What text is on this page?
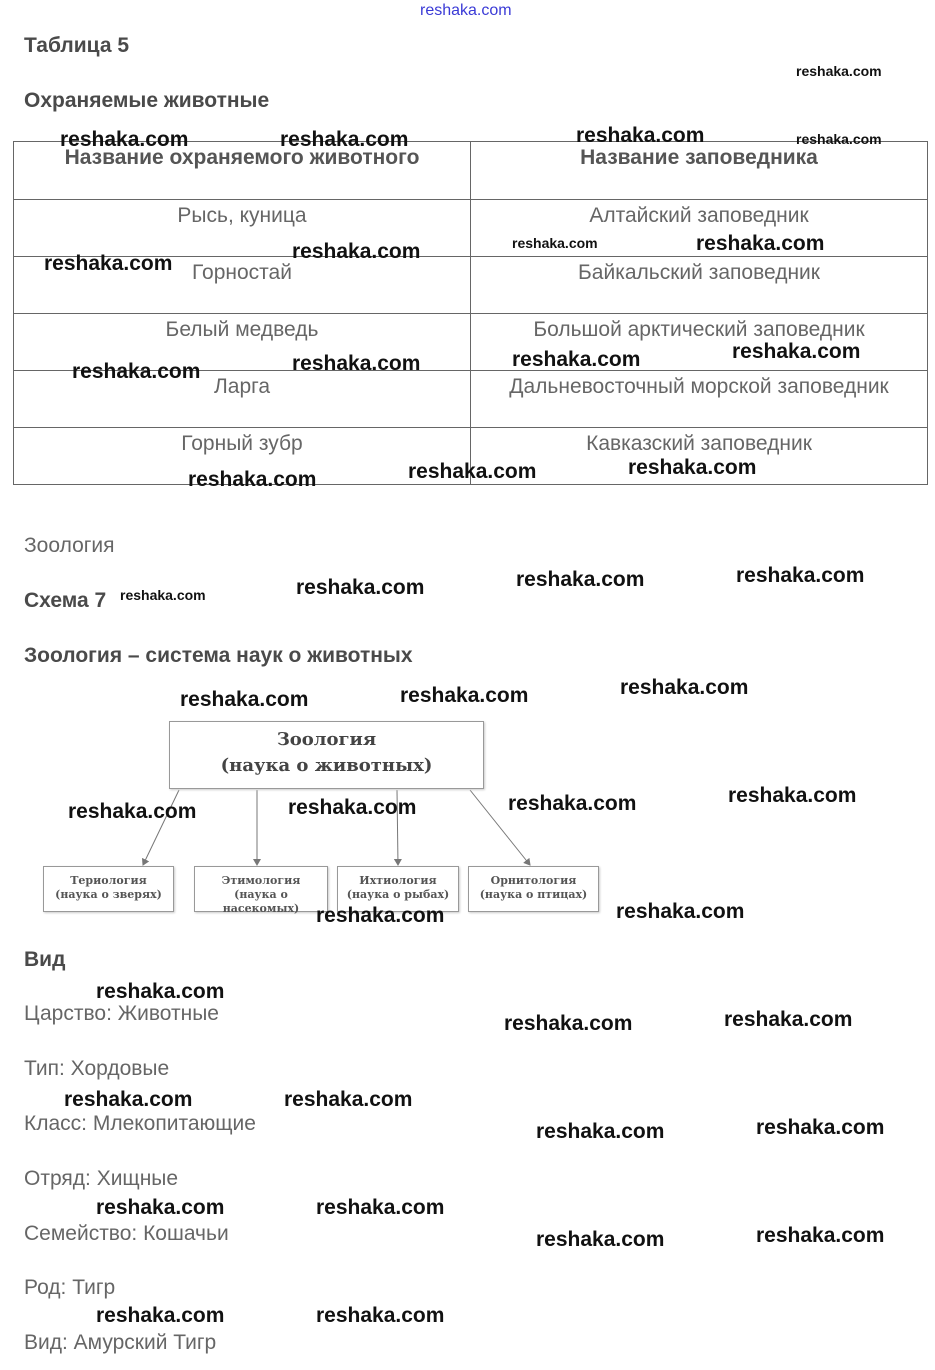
reshaka.com
Таблица 5
Охраняемые животные
Название охраняемого животного	Название заповедника
Рысь, куница	Алтайский заповедник
Горностай	Байкальский заповедник
Белый медведь	Большой арктический заповедник
Ларга	Дальневосточный морской заповедник
Горный зубр	Кавказский заповедник
Зоология
Схема 7
Зоология – система наук о животных
Зоология
(наука о животных)
Териология
(наука о зверях)
Этимология
(наука о насекомых)
Ихтиология
(наука о рыбах)
Орнитология
(наука о птицах)
Вид
Царство: Животные
Тип: Хордовые
Класс: Млекопитающие
Отряд: Хищные
Семейство: Кошачьи
Род: Тигр
Вид: Амурский Тигр
reshaka.com
reshaka.com	reshaka.com	reshaka.com	reshaka.com
reshaka.com	reshaka.com	reshaka.com
reshaka.com
reshaka.com
reshaka.com	reshaka.com
reshaka.com
reshaka.com
reshaka.com
reshaka.com
reshaka.com
reshaka.com
reshaka.com
reshaka.com
reshaka.com
reshaka.com
reshaka.com
reshaka.com
reshaka.com
reshaka.com
reshaka.com
reshaka.com
reshaka.com
reshaka.com
reshaka.com
reshaka.com
reshaka.com	reshaka.com
reshaka.com
reshaka.com
reshaka.com	reshaka.com
reshaka.com
reshaka.com
reshaka.com	reshaka.com
